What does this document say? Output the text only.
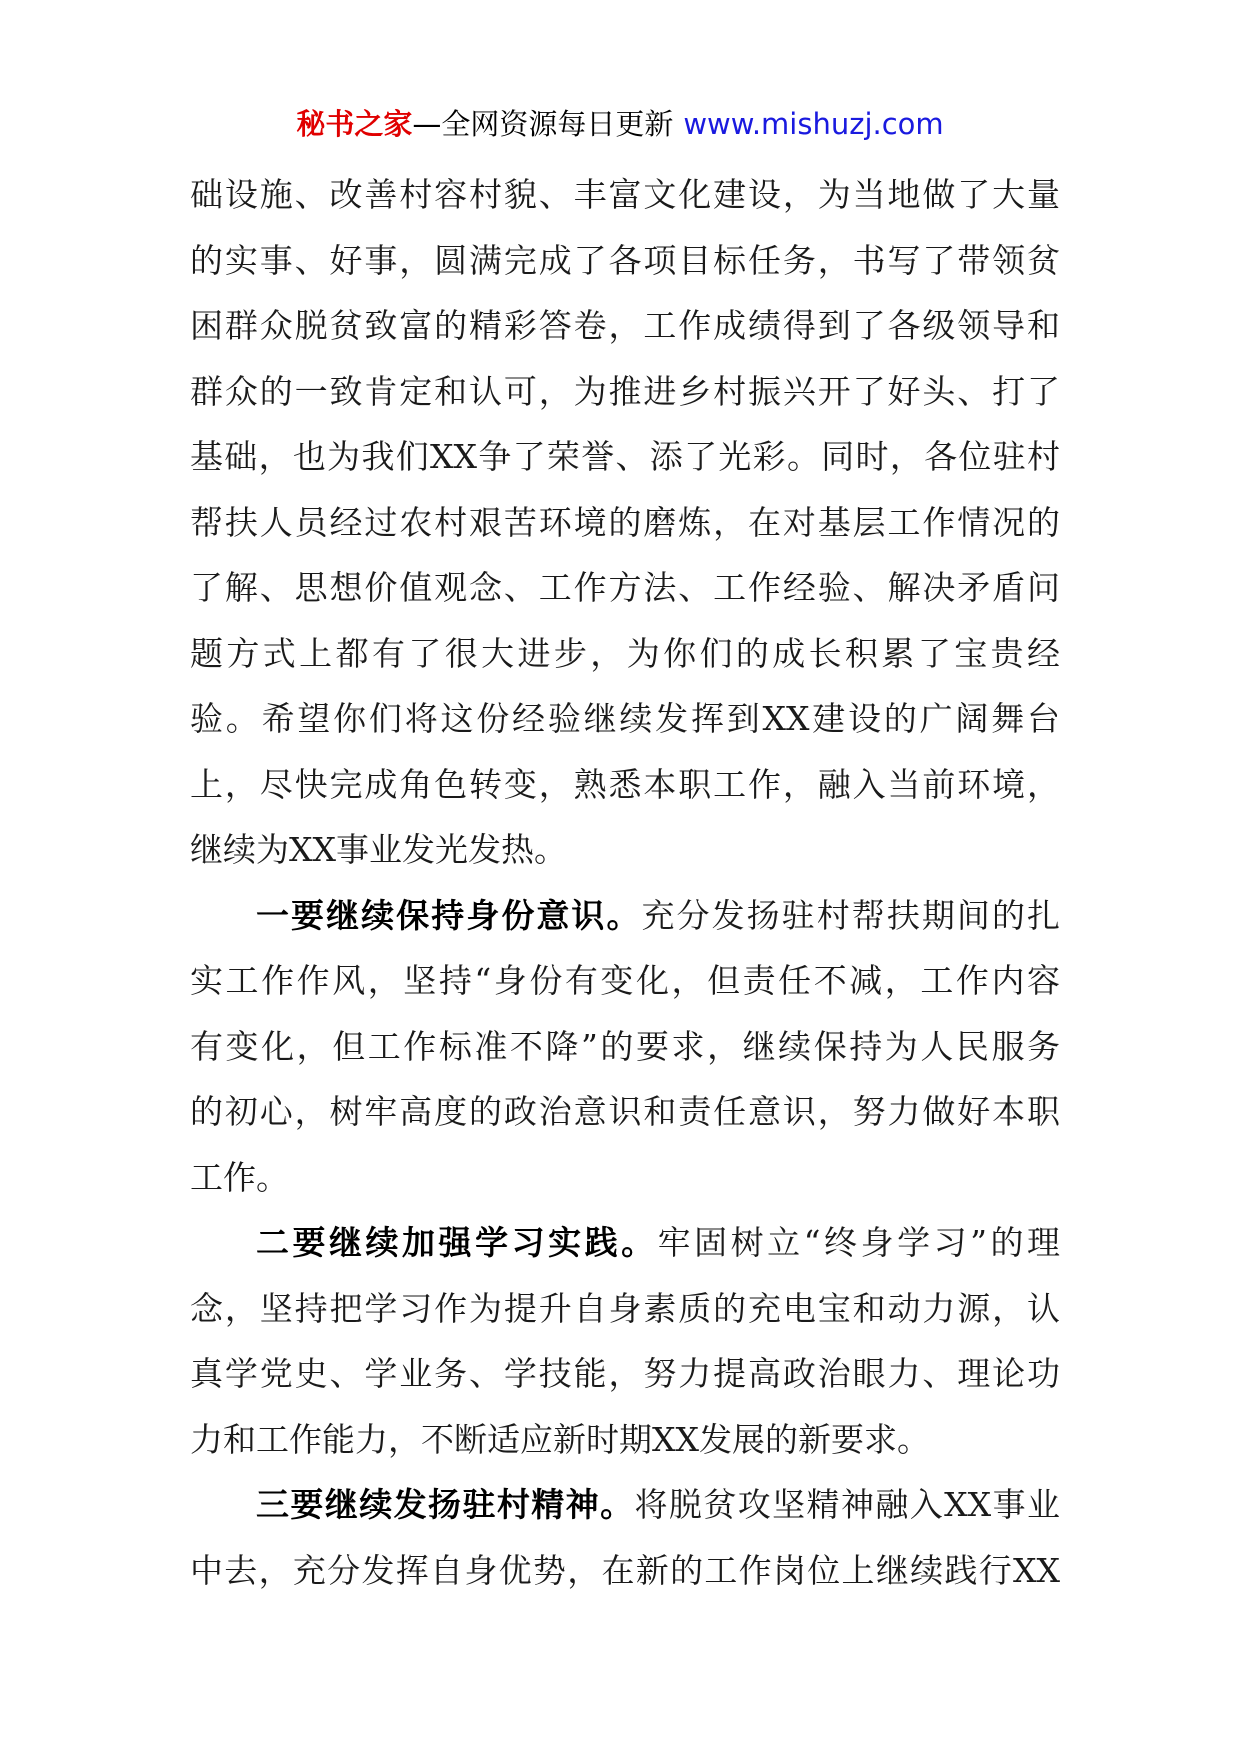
秘书之家—全网资源每日更新 www.mishuzj.com
础设施、改善村容村貌、丰富文化建设，为当地做了大量
的实事、好事，圆满完成了各项目标任务，书写了带领贫
困群众脱贫致富的精彩答卷，工作成绩得到了各级领导和
群众的一致肯定和认可，为推进乡村振兴开了好头、打了
基础，也为我们XX争了荣誉、添了光彩。同时，各位驻村
帮扶人员经过农村艰苦环境的磨炼，在对基层工作情况的
了解、思想价值观念、工作方法、工作经验、解决矛盾问
题方式上都有了很大进步，为你们的成长积累了宝贵经
验。希望你们将这份经验继续发挥到XX建设的广阔舞台
上，尽快完成角色转变，熟悉本职工作，融入当前环境，
继续为XX事业发光发热。
一要继续保持身份意识。充分发扬驻村帮扶期间的扎
实工作作风，坚持“身份有变化，但责任不减，工作内容
有变化，但工作标准不降”的要求，继续保持为人民服务
的初心，树牢高度的政治意识和责任意识，努力做好本职
工作。
二要继续加强学习实践。牢固树立“终身学习”的理
念，坚持把学习作为提升自身素质的充电宝和动力源，认
真学党史、学业务、学技能，努力提高政治眼力、理论功
力和工作能力，不断适应新时期XX发展的新要求。
三要继续发扬驻村精神。将脱贫攻坚精神融入XX事业
中去，充分发挥自身优势，在新的工作岗位上继续践行XX
